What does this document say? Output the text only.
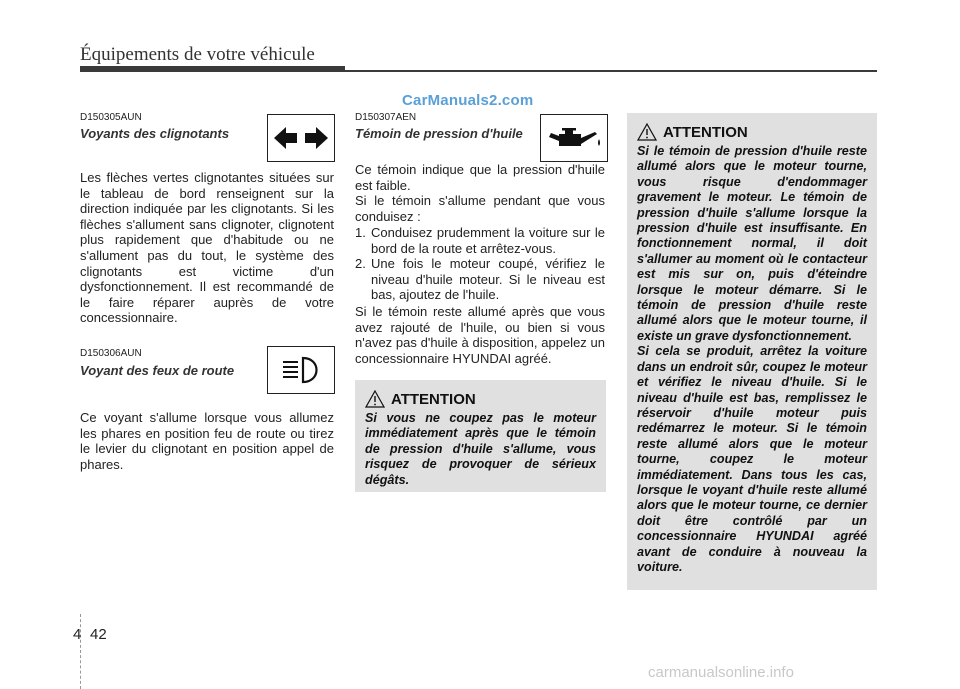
Équipements de votre véhicule
CarManuals2.com
D150305AUN
Voyants des clignotants
Les flèches vertes clignotantes situées sur le tableau de bord renseignent sur la direction indiquée par les clignotants. Si les flèches s'allument sans clignoter, clignotent plus rapidement que d'habitude ou ne s'allument pas du tout, le système des clignotants est victime d'un dysfonctionnement. Il est recommandé de le faire réparer auprès de votre concessionnaire.
D150306AUN
Voyant des feux de route
Ce voyant s'allume lorsque vous allumez les phares en position feu de route ou tirez le levier du clignotant en position appel de phares.
D150307AEN
Témoin de pression d'huile

Ce témoin indique que la pression d'huile est faible.

Si le témoin s'allume pendant que vous conduisez :

1. Conduisez prudemment la voiture sur le bord de la route et arrêtez-vous.
2. Une fois le moteur coupé, vérifiez le niveau d'huile moteur. Si le niveau est bas, ajoutez de l'huile.
Si le témoin reste allumé après que vous avez rajouté de l'huile, ou bien si vous n'avez pas d'huile à disposition, appelez un concessionnaire HYUNDAI agréé.
ATTENTION
Si vous ne coupez pas le moteur immédiatement après que le témoin de pression d'huile s'allume, vous risquez de provoquer de sérieux dégâts.
ATTENTION

Si le témoin de pression d'huile reste allumé alors que le moteur tourne, vous risque d'endommager gravement le moteur. Le témoin de pression d'huile s'allume lorsque la pression d'huile est insuffisante. En fonctionnement normal, il doit s'allumer au moment où le contacteur est mis sur on, puis d'éteindre lorsque le moteur démarre. Si le témoin de pression d'huile reste allumé alors que le moteur tourne, il existe un grave dysfonctionnement.

Si cela se produit, arrêtez la voiture dans un endroit sûr, coupez le moteur et vérifiez le niveau d'huile. Si le niveau d'huile est bas, remplissez le réservoir d'huile moteur puis redémarrez le moteur. Si le témoin reste allumé alors que le moteur tourne, coupez le moteur immédiatement. Dans tous les cas, lorsque le voyant d'huile reste allumé alors que le moteur tourne, ce dernier doit être contrôlé par un concessionnaire HYUNDAI agréé avant de conduire à nouveau la voiture.

4 42
carmanualsonline.info
